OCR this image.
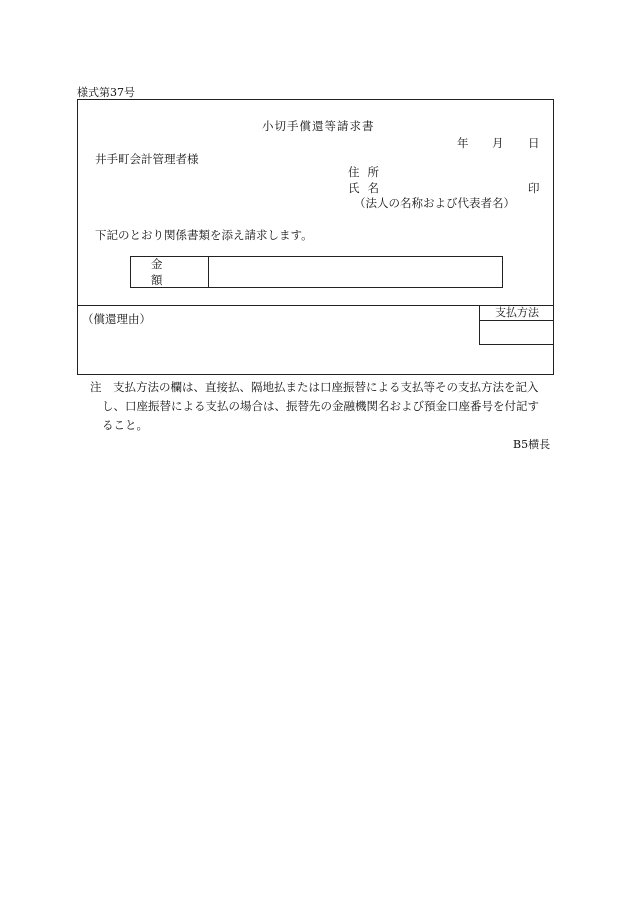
様式第37号
小切手償還等請求書
年 月 日
井手町会計管理者様
住所
氏名	印
（法人の名称および代表者名）
下記のとおり関係書類を添え請求します。
金額
（償還理由）	支払方法
注　支払方法の欄は、直接払、隔地払または口座振替による支払等その支払方法を記入
し、口座振替による支払の場合は、振替先の金融機関名および預金口座番号を付記す
ること。
B5横長
